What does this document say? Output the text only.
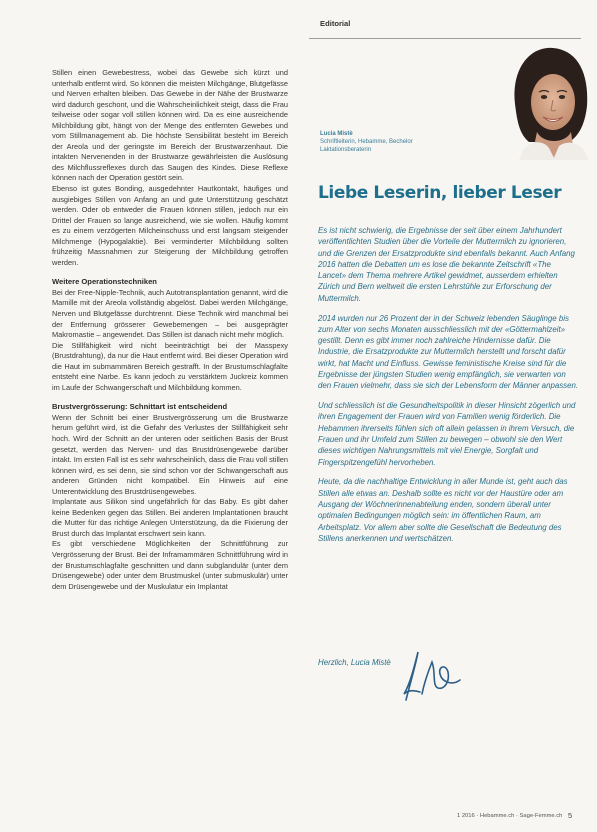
Stillen einen Gewebestress, wobei das Gewebe sich kürzt und unterhalb entfernt wird. So können die meisten Milchgänge, Blutgefässe und Nerven erhalten bleiben. Das Gewebe in der Nähe der Brustwarze wird dadurch geschont, und die Wahrscheinlichkeit steigt, dass die Frau teilweise oder sogar voll stillen können wird. Da es eine ausreichende Milchbildung gibt, hängt von der Menge des entfernten Gewebes und vom Stillmanagement ab. Die höchste Sensibilität besteht im Bereich der Areola und der geringste im Bereich der Brustwarzenhaut. Die intakten Nervenenden in der Brustwarze gewährleisten die Auslösung des Milchflussreflexes durch das Saugen des Kindes. Diese Reflexe können nach der Operation gestört sein.

Ebenso ist gutes Bonding, ausgedehnter Hautkontakt, häufiges und ausgiebiges Stillen von Anfang an und gute Unterstützung geschätzt werden. Oder ob entweder die Frauen können stillen, jedoch nur ein Drittel der Frauen so lange ausreichend, wie sie wollen. Häufig kommt es zu einem verzögerten Milcheinschuss und erst langsam steigender Milchmenge (Hypogalaktie). Bei verminderter Milchbildung sollten frühzeitig Massnahmen zur Steigerung der Milchbildung getroffen werden.

Weitere Operationstechniken

Bei der Free-Nipple-Technik, auch Autotransplantation genannt, wird die Mamille mit der Areola vollständig abgelöst. Dabei werden Milchgänge, Nerven und Blutgefässe durchtrennt. Diese Technik wird manchmal bei der Entfernung grösserer Gewebemengen – bei ausgeprägter Makromastie – angewendet. Das Stillen ist danach nicht mehr möglich.

Die Stillfähigkeit wird nicht beeinträchtigt bei der Masspexy (Brustdrahtung), da nur die Haut entfernt wird. Bei dieser Operation wird die Haut im submammären Bereich gestrafft. In der Brustumschlagfalte entsteht eine Narbe. Es kann jedoch zu verstärktem Juckreiz kommen im Laufe der Schwangerschaft und Milchbildung kommen.

Brustvergrösserung: Schnittart ist entscheidend

Wenn der Schnitt bei einer Brustvergrösserung um die Brustwarze herum geführt wird, ist die Gefahr des Verlustes der Stillfähigkeit sehr hoch. Wird der Schnitt an der unteren oder seitlichen Basis der Brust gesetzt, werden das Nerven- und das Brustdrüsengewebe darüber intakt. Im ersten Fall ist es sehr wahrscheinlich, dass die Frau voll stillen können wird, es sei denn, sie sind schon vor der Schwangerschaft aus anderen Gründen nicht kompatibel. Ein Hinweis auf eine Unterentwicklung des Brustdrüsengewebes.

Implantate aus Silikon sind ungefährlich für das Baby. Es gibt daher keine Bedenken gegen das Stillen. Bei anderen Implantationen braucht die Mutter für das richtige Anlegen Unterstützung, da die Fixierung der Brust durch das Implantat erschwert sein kann.

Es gibt verschiedene Möglichkeiten der Schnittführung zur Vergrösserung der Brust. Bei der Inframammären Schnittführung wird in der Brustumschlagfalte geschnitten und dann subglandulär (unter dem Drüsengewebe) oder unter dem Brustmuskel (unter submuskulär) unter dem Drüsengewebe und der Muskulatur ein Implantat

Editorial
Lucia Mistè
Schriftleiterin, Hebamme, Bechelor Laktationsberaterin
Liebe Leserin, lieber Leser

Es ist nicht schwierig, die Ergebnisse der seit über einem Jahrhundert veröffentlichten Studien über die Vorteile der Muttermilch zu ignorieren, und die Grenzen der Ersatzprodukte sind ebenfalls bekannt. Auch Anfang 2016 hatten die Debatten um es lose die bekannte Zeitschrift «The Lancet» dem Thema mehrere Artikel gewidmet, ausserdem erhielten Zürich und Bern weltweit die ersten Lehrstühle zur Erforschung der Muttermilch.

2014 wurden nur 26 Prozent der in der Schweiz lebenden Säuglinge bis zum Alter von sechs Monaten ausschliesslich mit der «Göttermahlzeit» gestillt. Denn es gibt immer noch zahlreiche Hindernisse dafür. Die Industrie, die Ersatzprodukte zur Muttermilch herstellt und forscht dafür wirkt, hat Macht und Einfluss. Gewisse feministische Kreise sind für die Ergebnisse der jüngsten Studien wenig empfänglich, sie verwarten von den Frauen vielmehr, dass sie sich der Lebensform der Männer anpassen.

Und schliesslich ist die Gesundheitspolitik in dieser Hinsicht zögerlich und ihren Engagement der Frauen wird von Familien wenig förderlich. Die Hebammen ihrerseits fühlen sich oft allein gelassen in ihrem Versuch, die Frauen und ihr Umfeld zum Stillen zu bewegen – obwohl sie den Wert dieses wichtigen Nahrungsmittels mit viel Energie, Sorgfalt und Fingerspitzengefühl hervorheben.

Heute, da die nachhaltige Entwicklung in aller Munde ist, geht auch das Stillen alle etwas an. Deshalb sollte es nicht vor der Haustüre oder am Ausgang der Wöchnerinnenabteilung enden, sondern überall unter optimalen Bedingungen möglich sein: im öffentlichen Raum, am Arbeitsplatz. Vor allem aber sollte die Gesellschaft die Bedeutung des Stillens anerkennen und wertschätzen.

Herzlich, Lucia Mistè
1 2016 · Hebamme.ch · Sage-Femme.ch 5
